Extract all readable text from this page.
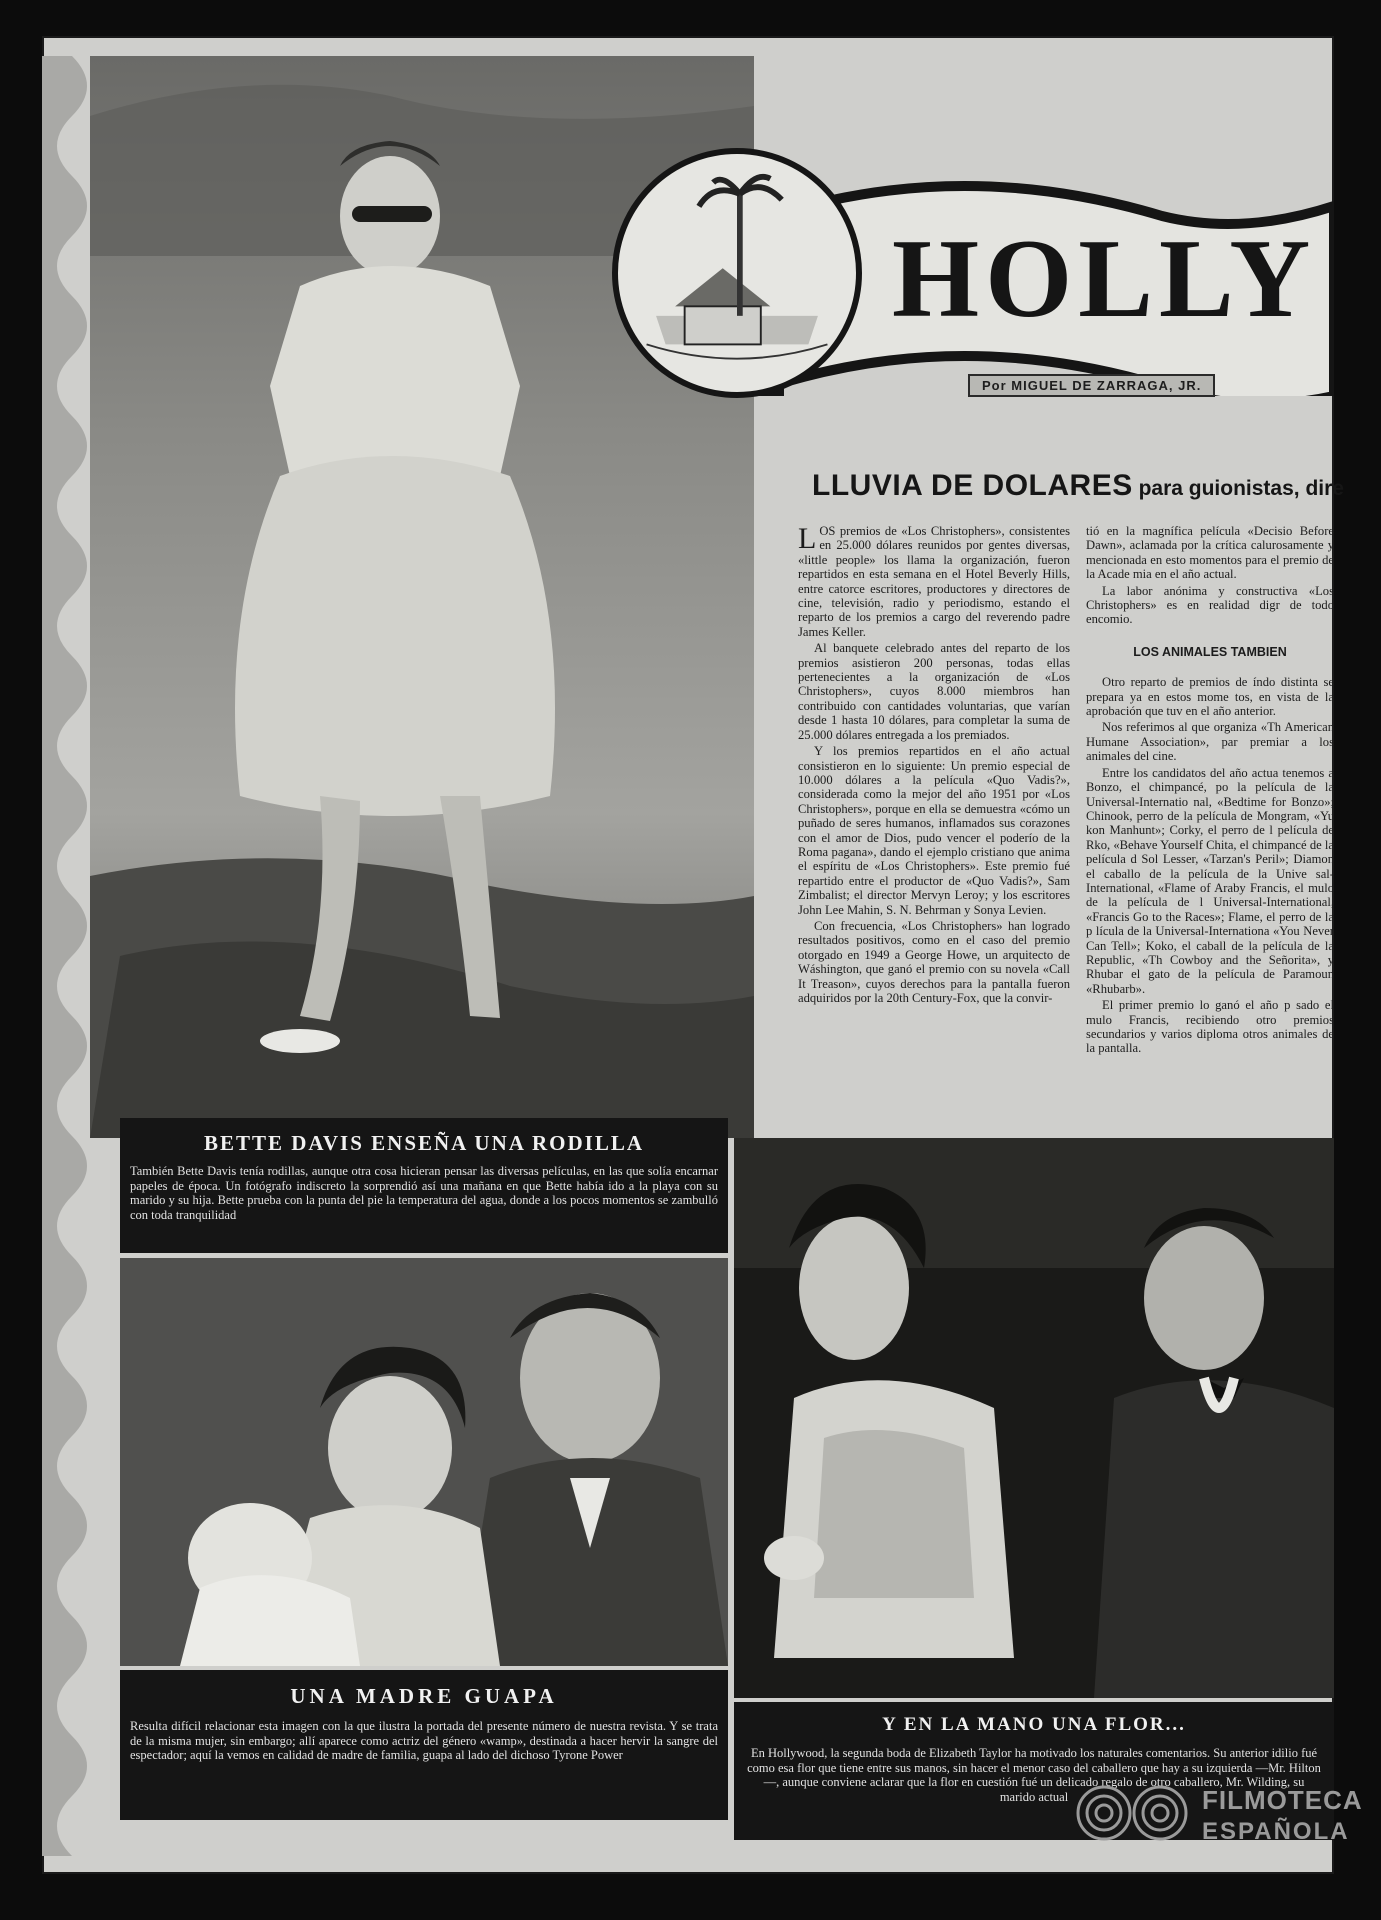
HOLLY
Por MIGUEL DE ZARRAGA, JR.
LLUVIA DE DOLARES para guionistas, dire

LOS premios de «Los Christophers», consistentes en 25.000 dólares reunidos por gentes diversas, «little people» los llama la organización, fueron repartidos en esta semana en el Hotel Beverly Hills, entre catorce escritores, productores y directores de cine, televisión, radio y periodismo, estando el reparto de los premios a cargo del reverendo padre James Keller.

Al banquete celebrado antes del reparto de los premios asistieron 200 personas, todas ellas pertenecientes a la organización de «Los Christophers», cuyos 8.000 miembros han contribuido con cantidades voluntarias, que varían desde 1 hasta 10 dólares, para completar la suma de 25.000 dólares entregada a los premiados.

Y los premios repartidos en el año actual consistieron en lo siguiente: Un premio especial de 10.000 dólares a la película «Quo Vadis?», considerada como la mejor del año 1951 por «Los Christophers», porque en ella se demuestra «cómo un puñado de seres humanos, inflamados sus corazones con el amor de Dios, pudo vencer el poderío de la Roma pagana», dando el ejemplo cristiano que anima el espíritu de «Los Christophers». Este premio fué repartido entre el productor de «Quo Vadis?», Sam Zimbalist; el director Mervyn Leroy; y los escritores John Lee Mahin, S. N. Behrman y Sonya Levien.

Con frecuencia, «Los Christophers» han logrado resultados positivos, como en el caso del premio otorgado en 1949 a George Howe, un arquitecto de Wáshington, que ganó el premio con su novela «Call It Treason», cuyos derechos para la pantalla fueron adquiridos por la 20th Century-Fox, que la convir-

tió en la magnífica película «Decisio Before Dawn», aclamada por la crítica calurosamente y mencionada en esto momentos para el premio de la Acade mia en el año actual.

La labor anónima y constructiva «Los Christophers» es en realidad digr de todo encomio.

LOS ANIMALES TAMBIEN

Otro reparto de premios de índo distinta se prepara ya en estos mome tos, en vista de la aprobación que tuv en el año anterior.

Nos referimos al que organiza «Th American Humane Association», par premiar a los animales del cine.

Entre los candidatos del año actua tenemos a Bonzo, el chimpancé, po la película de la Universal-Internatio nal, «Bedtime for Bonzo»; Chinook, perro de la película de Mongram, «Yu kon Manhunt»; Corky, el perro de l película de Rko, «Behave Yourself Chita, el chimpancé de la película d Sol Lesser, «Tarzan's Peril»; Diamon el caballo de la película de la Unive sal-International, «Flame of Araby Francis, el mulo de la película de l Universal-International, «Francis Go to the Races»; Flame, el perro de la p lícula de la Universal-Internationa «You Never Can Tell»; Koko, el caball de la película de la Republic, «Th Cowboy and the Señorita», y Rhubar el gato de la película de Paramoun «Rhubarb».

El primer premio lo ganó el año p sado el mulo Francis, recibiendo otro premios secundarios y varios diploma otros animales de la pantalla.

BETTE DAVIS ENSEÑA UNA RODILLA
También Bette Davis tenía rodillas, aunque otra cosa hicieran pensar las diversas películas, en las que solía encarnar papeles de época. Un fotógrafo indiscreto la sorprendió así una mañana en que Bette había ido a la playa con su marido y su hija. Bette prueba con la punta del pie la temperatura del agua, donde a los pocos momentos se zambulló con toda tranquilidad
UNA MADRE GUAPA
Resulta difícil relacionar esta imagen con la que ilustra la portada del presente número de nuestra revista. Y se trata de la misma mujer, sin embargo; allí aparece como actriz del género «wamp», destinada a hacer hervir la sangre del espectador; aquí la vemos en calidad de madre de familia, guapa al lado del dichoso Tyrone Power
Y EN LA MANO UNA FLOR...
En Hollywood, la segunda boda de Elizabeth Taylor ha motivado los naturales comentarios. Su anterior idilio fué como esa flor que tiene entre sus manos, sin hacer el menor caso del caballero que hay a su izquierda —Mr. Hilton—, aunque conviene aclarar que la flor en cuestión fué un delicado regalo de otro caballero, Mr. Wilding, su marido actual	FILMOTECA
ESPAÑOLA
